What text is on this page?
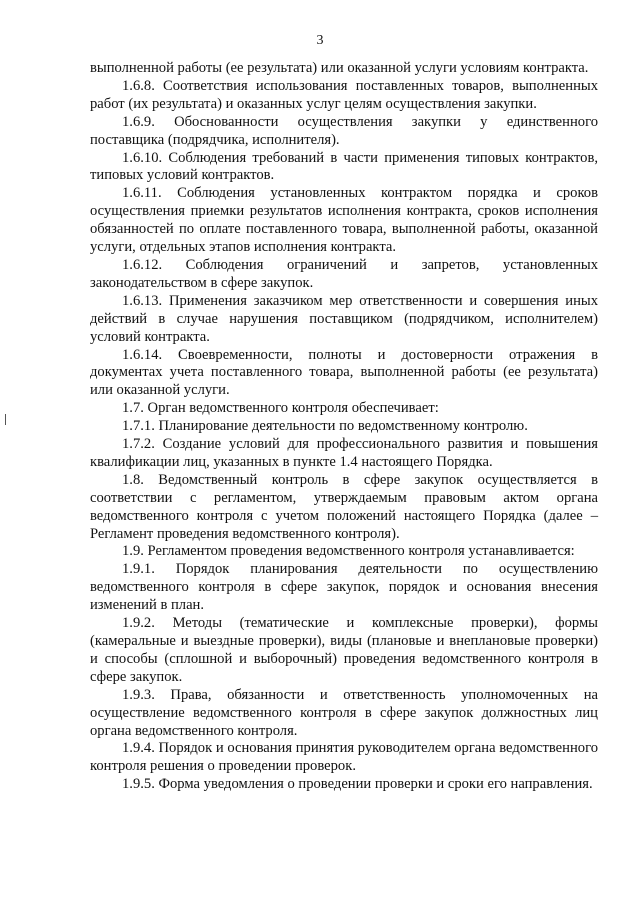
3

выполненной работы (ее результата) или оказанной услуги условиям контракта.

1.6.8. Соответствия использования поставленных товаров, выполненных работ (их результата) и оказанных услуг целям осуществления закупки.

1.6.9. Обоснованности осуществления закупки у единственного поставщика (подрядчика, исполнителя).

1.6.10. Соблюдения требований в части применения типовых контрактов, типовых условий контрактов.

1.6.11. Соблюдения установленных контрактом порядка и сроков осуществления приемки результатов исполнения контракта, сроков исполнения обязанностей по оплате поставленного товара, выполненной работы, оказанной услуги, отдельных этапов исполнения контракта.

1.6.12. Соблюдения ограничений и запретов, установленных законодательством в сфере закупок.

1.6.13. Применения заказчиком мер ответственности и совершения иных действий в случае нарушения поставщиком (подрядчиком, исполнителем) условий контракта.

1.6.14. Своевременности, полноты и достоверности отражения в документах учета поставленного товара, выполненной работы (ее результата) или оказанной услуги.

1.7. Орган ведомственного контроля обеспечивает:

1.7.1. Планирование деятельности по ведомственному контролю.

1.7.2. Создание условий для профессионального развития и повышения квалификации лиц, указанных в пункте 1.4 настоящего Порядка.

1.8. Ведомственный контроль в сфере закупок осуществляется в соответствии с регламентом, утверждаемым правовым актом органа ведомственного контроля с учетом положений настоящего Порядка (далее – Регламент проведения ведомственного контроля).

1.9. Регламентом проведения ведомственного контроля устанавливается:

1.9.1. Порядок планирования деятельности по осуществлению ведомственного контроля в сфере закупок, порядок и основания внесения изменений в план.

1.9.2. Методы (тематические и комплексные проверки), формы (камеральные и выездные проверки), виды (плановые и внеплановые проверки) и способы (сплошной и выборочный) проведения ведомственного контроля в сфере закупок.

1.9.3. Права, обязанности и ответственность уполномоченных на осуществление ведомственного контроля в сфере закупок должностных лиц органа ведомственного контроля.

1.9.4. Порядок и основания принятия руководителем органа ведомственного контроля решения о проведении проверок.

1.9.5. Форма уведомления о проведении проверки и сроки его направления.
